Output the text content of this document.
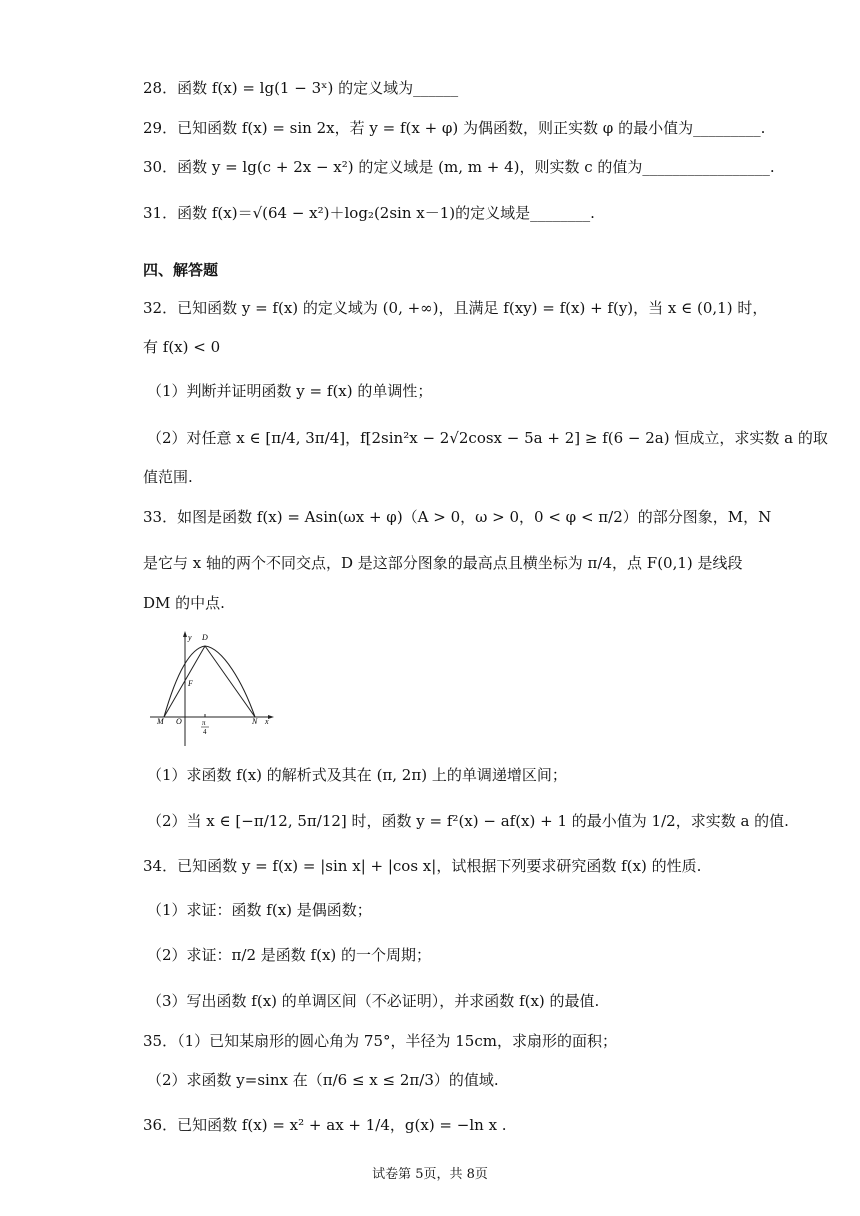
28．函数 f(x) = lg(1 − 3ˣ) 的定义域为______
29．已知函数 f(x) = sin 2x，若 y = f(x + φ) 为偶函数，则正实数 φ 的最小值为_________.
30．函数 y = lg(c + 2x − x²) 的定义域是 (m, m + 4)，则实数 c 的值为_________________.
31．函数 f(x)＝√(64 − x²)＋log₂(2sin x－1)的定义域是________.
四、解答题
32．已知函数 y = f(x) 的定义域为 (0, +∞)，且满足 f(xy) = f(x) + f(y)，当 x ∈ (0,1) 时，
有 f(x) < 0
（1）判断并证明函数 y = f(x) 的单调性；
（2）对任意 x ∈ [π/4, 3π/4]，f[2sin²x − 2√2cosx − 5a + 2] ≥ f(6 − 2a) 恒成立，求实数 a 的取
值范围.
33．如图是函数 f(x) = Asin(ωx + φ)（A > 0，ω > 0，0 < φ < π/2）的部分图象，M，N
是它与 x 轴的两个不同交点，D 是这部分图象的最高点且横坐标为 π/4，点 F(0,1) 是线段
DM 的中点.
y D
F
M O	N x
π
4
（1）求函数 f(x) 的解析式及其在 (π, 2π) 上的单调递增区间；
（2）当 x ∈ [−π/12, 5π/12] 时，函数 y = f²(x) − af(x) + 1 的最小值为 1/2，求实数 a 的值.
34．已知函数 y = f(x) = |sin x| + |cos x|，试根据下列要求研究函数 f(x) 的性质.
（1）求证：函数 f(x) 是偶函数；
（2）求证：π/2 是函数 f(x) 的一个周期；
（3）写出函数 f(x) 的单调区间（不必证明），并求函数 f(x) 的最值.
35．（1）已知某扇形的圆心角为 75°，半径为 15cm，求扇形的面积；
（2）求函数 y=sinx 在（π/6 ≤ x ≤ 2π/3）的值域.
36．已知函数 f(x) = x² + ax + 1/4，g(x) = −ln x .
试卷第 5页，共 8页
